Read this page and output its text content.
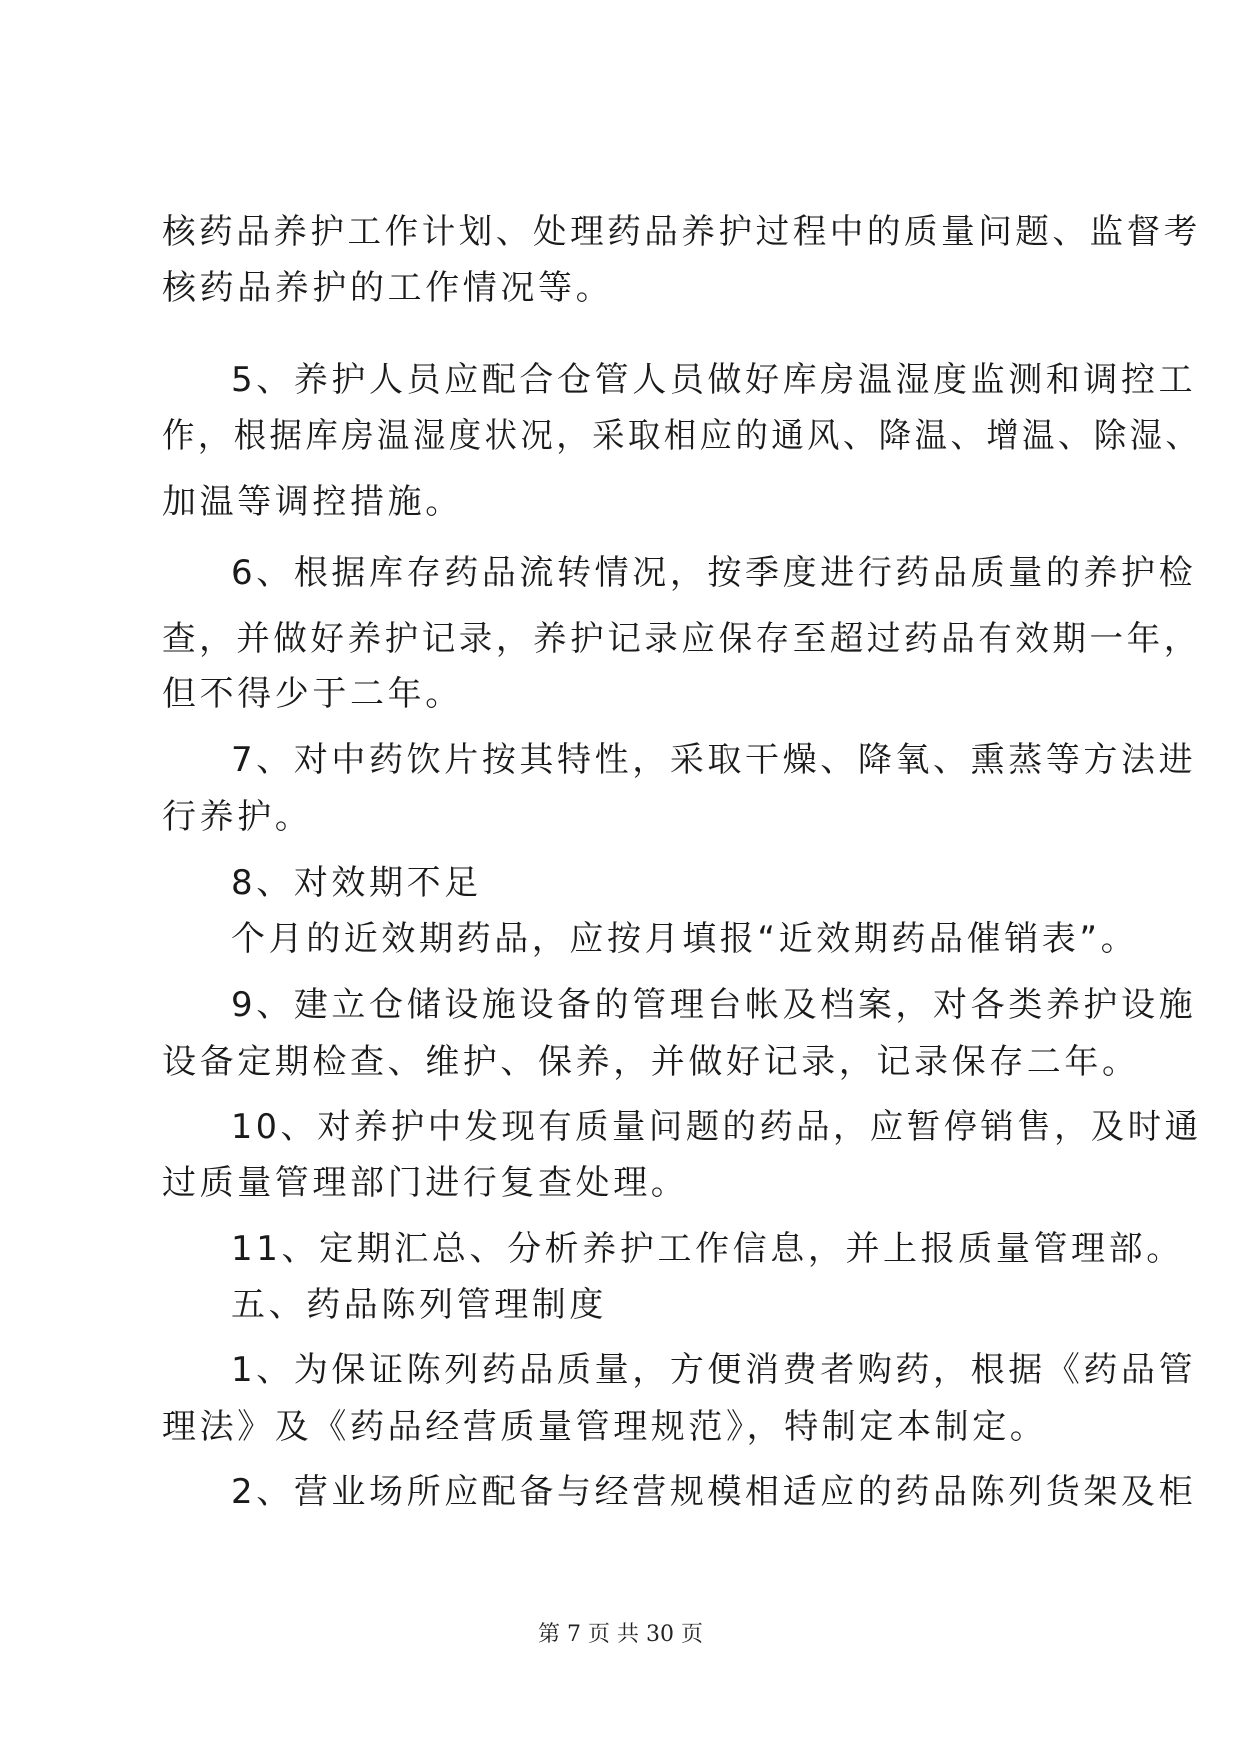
核药品养护工作计划、处理药品养护过程中的质量问题、监督考
核药品养护的工作情况等。
5、养护人员应配合仓管人员做好库房温湿度监测和调控工
作，根据库房温湿度状况，采取相应的通风、降温、增温、除湿、
加温等调控措施。
6、根据库存药品流转情况，按季度进行药品质量的养护检
查，并做好养护记录，养护记录应保存至超过药品有效期一年，
但不得少于二年。
7、对中药饮片按其特性，采取干燥、降氧、熏蒸等方法进
行养护。
8、对效期不足
个月的近效期药品，应按月填报“近效期药品催销表”。
9、建立仓储设施设备的管理台帐及档案，对各类养护设施
设备定期检查、维护、保养，并做好记录，记录保存二年。
10、对养护中发现有质量问题的药品，应暂停销售，及时通
过质量管理部门进行复查处理。
11、定期汇总、分析养护工作信息，并上报质量管理部。
五、药品陈列管理制度
1、为保证陈列药品质量，方便消费者购药，根据《药品管
理法》及《药品经营质量管理规范》，特制定本制定。
2、营业场所应配备与经营规模相适应的药品陈列货架及柜
第 7 页 共 30 页
